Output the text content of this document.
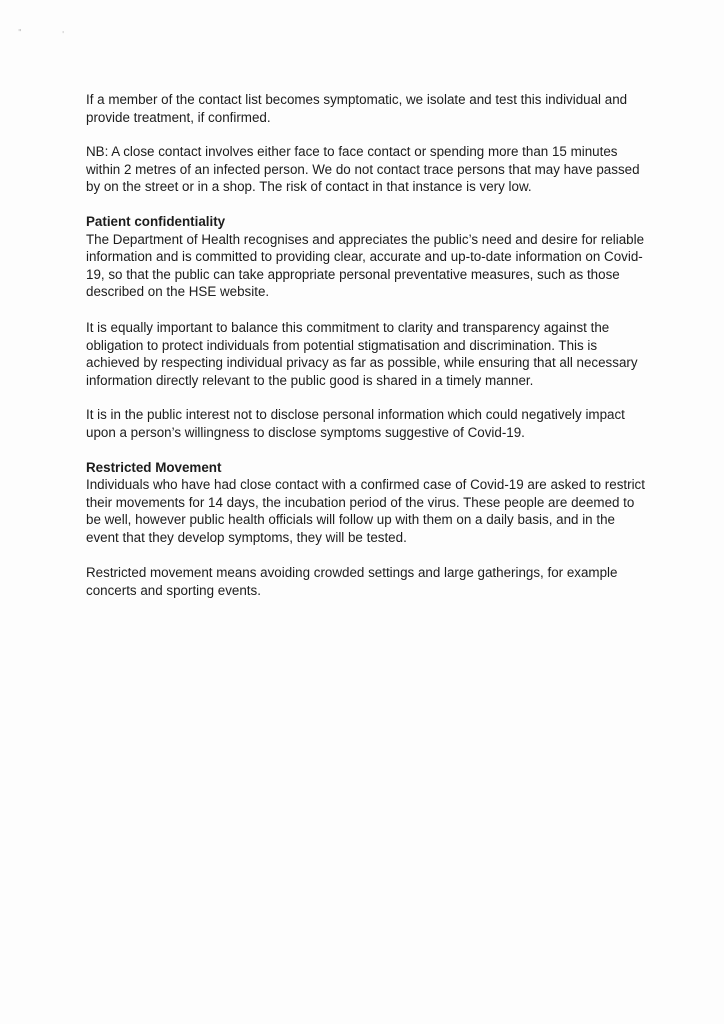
"	'

If a member of the contact list becomes symptomatic, we isolate and test this individual and provide treatment, if confirmed.

NB: A close contact involves either face to face contact or spending more than 15 minutes within 2 metres of an infected person. We do not contact trace persons that may have passed by on the street or in a shop. The risk of contact in that instance is very low.

Patient confidentiality

The Department of Health recognises and appreciates the public’s need and desire for reliable information and is committed to providing clear, accurate and up-to-date information on Covid-19, so that the public can take appropriate personal preventative measures, such as those described on the HSE website.

It is equally important to balance this commitment to clarity and transparency against the obligation to protect individuals from potential stigmatisation and discrimination. This is achieved by respecting individual privacy as far as possible, while ensuring that all necessary information directly relevant to the public good is shared in a timely manner.

It is in the public interest not to disclose personal information which could negatively impact upon a person’s willingness to disclose symptoms suggestive of Covid-19.

Restricted Movement

Individuals who have had close contact with a confirmed case of Covid-19 are asked to restrict their movements for 14 days, the incubation period of the virus. These people are deemed to be well, however public health officials will follow up with them on a daily basis, and in the event that they develop symptoms, they will be tested.

Restricted movement means avoiding crowded settings and large gatherings, for example concerts and sporting events.
